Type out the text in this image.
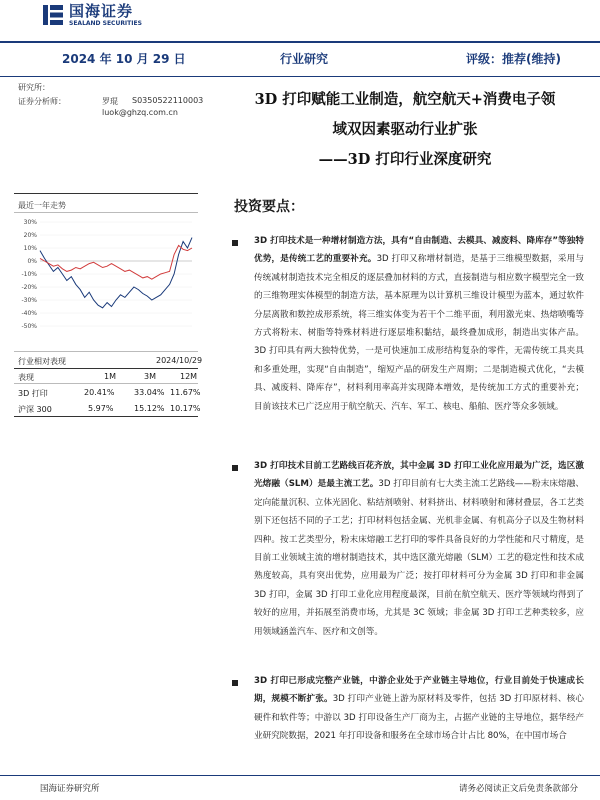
国海证券
SEALAND SECURITIES
2024 年 10 月 29 日	行业研究	评级：推荐(维持)
研究所：
证券分析师：	罗琨 S0350522110003
luok@ghzq.com.cn
3D 打印赋能工业制造，航空航天+消费电子领
域双因素驱动行业扩张
——3D 打印行业深度研究
最近一年走势
30%
20%
10%
0%
-10%
-20%
-30%
-40%
-50%
行业相对表现	2024/10/29
表现	1M	3M	12M
3D 打印	20.41% 33.04% 11.67%
沪深 300	5.97%	15.12% 10.17%
投资要点：
3D 打印技术是一种增材制造方法，具有“自由制造、去模具、减废料、降库存”等独特优势，是传统工艺的重要补充。3D 打印又称增材制造，是基于三维模型数据，采用与传统减材制造技术完全相反的逐层叠加材料的方式，直接制造与相应数字模型完全一致的三维物理实体模型的制造方法，基本原理为以计算机三维设计模型为蓝本，通过软件分层离散和数控成形系统，将三维实体变为若干个二维平面，利用激光束、热熔喷嘴等方式将粉末、树脂等特殊材料进行逐层堆积黏结，最终叠加成形，制造出实体产品。3D 打印具有两大独特优势，一是可快速加工成形结构复杂的零件，无需传统工具夹具和多重处理，实现“自由制造”，缩短产品的研发生产周期；二是制造模式优化，“去模具、减废料、降库存”，材料利用率高并实现降本增效，是传统加工方式的重要补充；目前该技术已广泛应用于航空航天、汽车、军工、核电、船舶、医疗等众多领域。
3D 打印技术目前工艺路线百花齐放，其中金属 3D 打印工业化应用最为广泛，选区激光熔融（SLM）是最主流工艺。3D 打印目前有七大类主流工艺路线——粉末床熔融、定向能量沉积、立体光固化、粘结剂喷射、材料挤出、材料喷射和薄材叠层，各工艺类别下还包括不同的子工艺；打印材料包括金属、光机非金属、有机高分子以及生物材料四种。按工艺类型分，粉末床熔融工艺打印的零件具备良好的力学性能和尺寸精度，是目前工业领域主流的增材制造技术，其中选区激光熔融（SLM）工艺的稳定性和技术成熟度较高，具有突出优势，应用最为广泛；按打印材料可分为金属 3D 打印和非金属 3D 打印，金属 3D 打印工业化应用程度最深，目前在航空航天、医疗等领域均得到了较好的应用，并拓展至消费市场，尤其是 3C 领域；非金属 3D 打印工艺种类较多，应用领域涵盖汽车、医疗和文创等。
3D 打印已形成完整产业链，中游企业处于产业链主导地位，行业目前处于快速成长期，规模不断扩张。3D 打印产业链上游为原材料及零件，包括 3D 打印原材料、核心硬件和软件等；中游以 3D 打印设备生产厂商为主，占据产业链的主导地位，据华经产业研究院数据，2021 年打印设备和服务在全球市场合计占比 80%，在中国市场合
国海证券研究所	请务必阅读正文后免责条款部分
